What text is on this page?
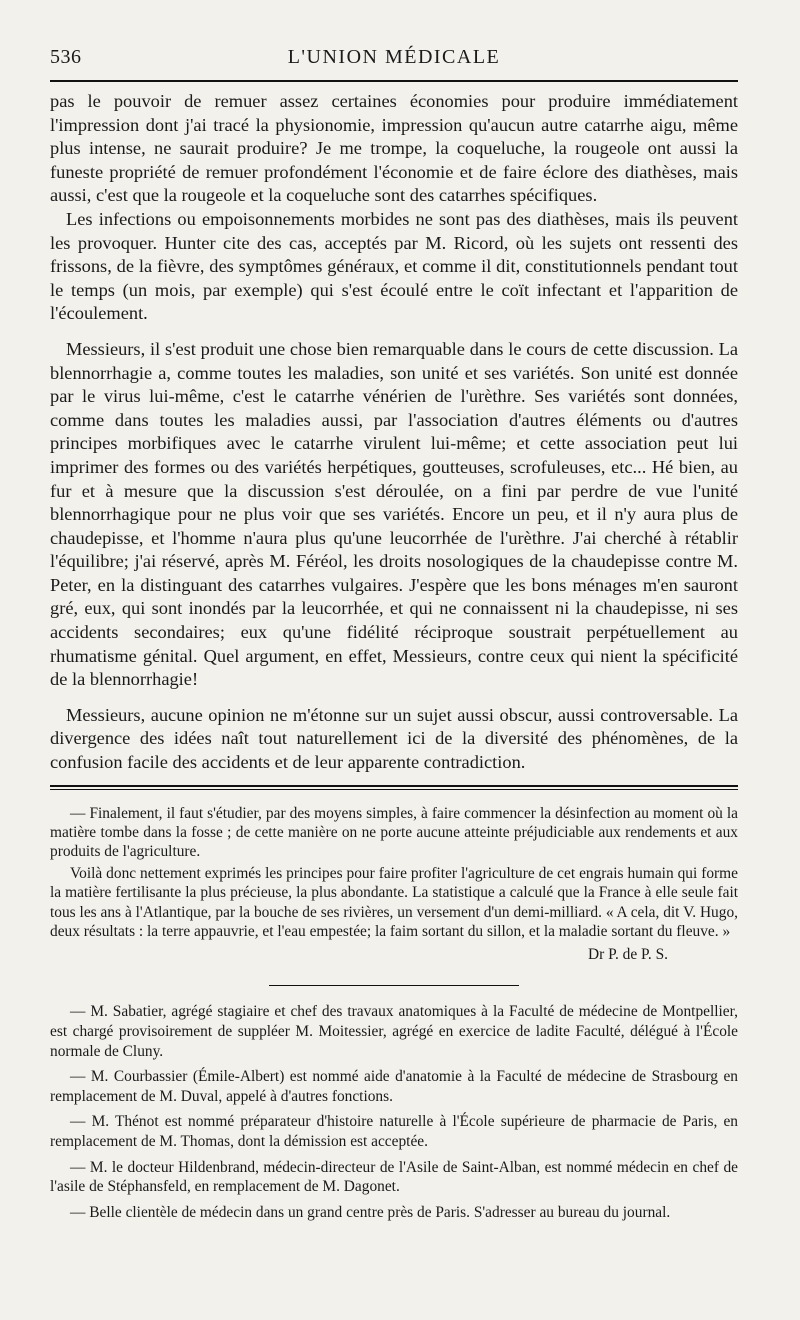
536	L'UNION MÉDICALE

pas le pouvoir de remuer assez certaines économies pour produire immédiatement l'impression dont j'ai tracé la physionomie, impression qu'aucun autre catarrhe aigu, même plus intense, ne saurait produire? Je me trompe, la coqueluche, la rougeole ont aussi la funeste propriété de remuer profondément l'économie et de faire éclore des diathèses, mais aussi, c'est que la rougeole et la coqueluche sont des catarrhes spécifiques.

Les infections ou empoisonnements morbides ne sont pas des diathèses, mais ils peuvent les provoquer. Hunter cite des cas, acceptés par M. Ricord, où les sujets ont ressenti des frissons, de la fièvre, des symptômes généraux, et comme il dit, constitutionnels pendant tout le temps (un mois, par exemple) qui s'est écoulé entre le coït infectant et l'apparition de l'écoulement.

Messieurs, il s'est produit une chose bien remarquable dans le cours de cette discussion. La blennorrhagie a, comme toutes les maladies, son unité et ses variétés. Son unité est donnée par le virus lui-même, c'est le catarrhe vénérien de l'urèthre. Ses variétés sont données, comme dans toutes les maladies aussi, par l'association d'autres éléments ou d'autres principes morbifiques avec le catarrhe virulent lui-même; et cette association peut lui imprimer des formes ou des variétés herpétiques, goutteuses, scrofuleuses, etc... Hé bien, au fur et à mesure que la discussion s'est déroulée, on a fini par perdre de vue l'unité blennorrhagique pour ne plus voir que ses variétés. Encore un peu, et il n'y aura plus de chaudepisse, et l'homme n'aura plus qu'une leucorrhée de l'urèthre. J'ai cherché à rétablir l'équilibre; j'ai réservé, après M. Féréol, les droits nosologiques de la chaudepisse contre M. Peter, en la distinguant des catarrhes vulgaires. J'espère que les bons ménages m'en sauront gré, eux, qui sont inondés par la leucorrhée, et qui ne connaissent ni la chaudepisse, ni ses accidents secondaires; eux qu'une fidélité réciproque soustrait perpétuellement au rhumatisme génital. Quel argument, en effet, Messieurs, contre ceux qui nient la spécificité de la blennorrhagie!

Messieurs, aucune opinion ne m'étonne sur un sujet aussi obscur, aussi controversable. La divergence des idées naît tout naturellement ici de la diversité des phénomènes, de la confusion facile des accidents et de leur apparente contradiction.

— Finalement, il faut s'étudier, par des moyens simples, à faire commencer la désinfection au moment où la matière tombe dans la fosse ; de cette manière on ne porte aucune atteinte préjudiciable aux rendements et aux produits de l'agriculture.

Voilà donc nettement exprimés les principes pour faire profiter l'agriculture de cet engrais humain qui forme la matière fertilisante la plus précieuse, la plus abondante. La statistique a calculé que la France à elle seule fait tous les ans à l'Atlantique, par la bouche de ses rivières, un versement d'un demi-milliard. « A cela, dit V. Hugo, deux résultats : la terre appauvrie, et l'eau empestée; la faim sortant du sillon, et la maladie sortant du fleuve. »

Dr P. de P. S.

— M. Sabatier, agrégé stagiaire et chef des travaux anatomiques à la Faculté de médecine de Montpellier, est chargé provisoirement de suppléer M. Moitessier, agrégé en exercice de ladite Faculté, délégué à l'École normale de Cluny.

— M. Courbassier (Émile-Albert) est nommé aide d'anatomie à la Faculté de médecine de Strasbourg en remplacement de M. Duval, appelé à d'autres fonctions.

— M. Thénot est nommé préparateur d'histoire naturelle à l'École supérieure de pharmacie de Paris, en remplacement de M. Thomas, dont la démission est acceptée.

— M. le docteur Hildenbrand, médecin-directeur de l'Asile de Saint-Alban, est nommé médecin en chef de l'asile de Stéphansfeld, en remplacement de M. Dagonet.

— Belle clientèle de médecin dans un grand centre près de Paris. S'adresser au bureau du journal.
